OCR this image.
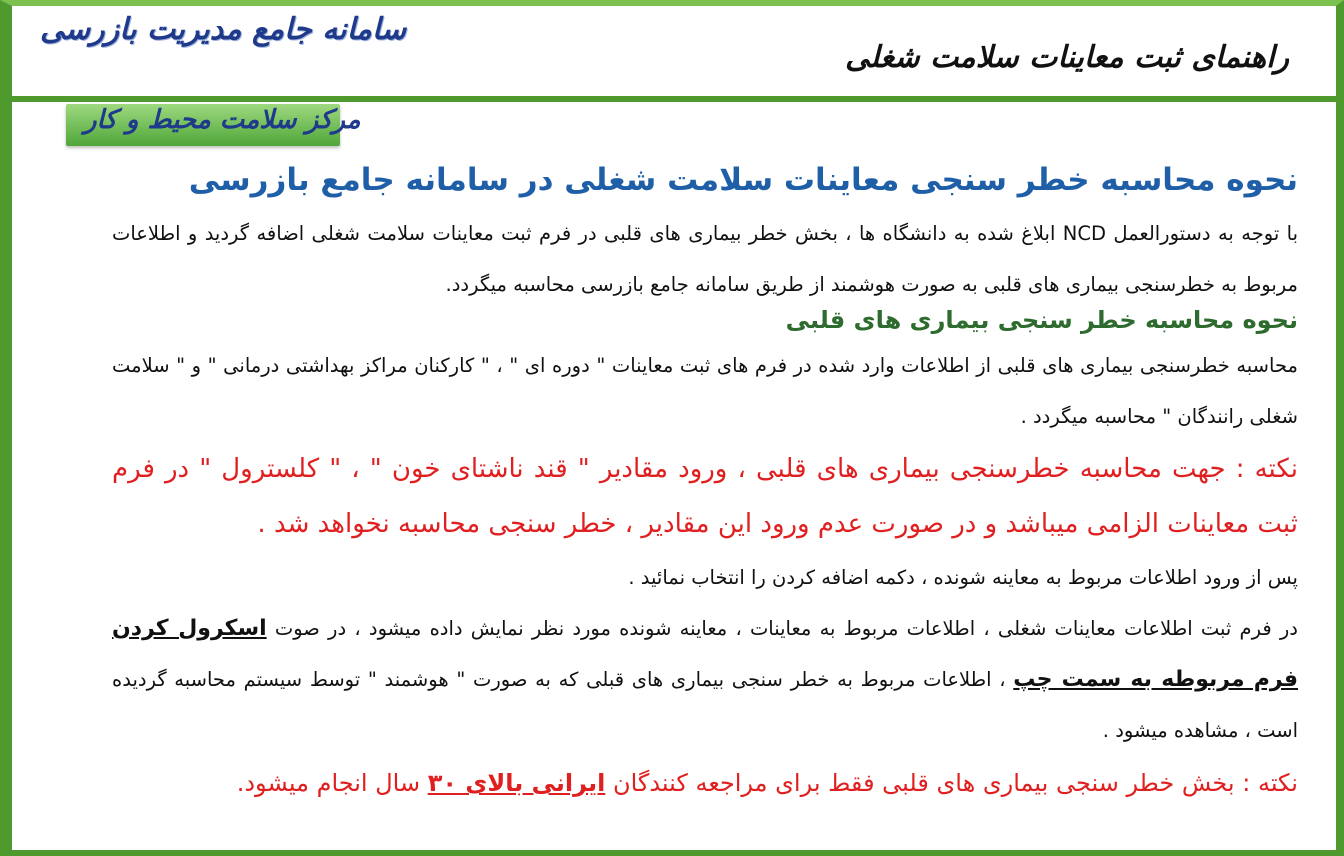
سامانه جامع مدیریت بازرسی
مرکز سلامت محیط و کار
راهنمای ثبت معاینات سلامت شغلی
نحوه محاسبه خطر سنجی معاینات سلامت شغلی در سامانه جامع بازرسی

با توجه به دستورالعمل NCD ابلاغ شده به دانشگاه ها ، بخش خطر بیماری های قلبی در فرم ثبت معاینات سلامت شغلی اضافه گردید و اطلاعات مربوط به خطرسنجی بیماری های قلبی به صورت هوشمند از طریق سامانه جامع بازرسی محاسبه میگردد.

نحوه محاسبه خطر سنجی بیماری های قلبی

محاسبه خطرسنجی بیماری های قلبی از اطلاعات وارد شده در فرم های ثبت معاینات " دوره ای " ، " کارکنان مراکز بهداشتی درمانی " و " سلامت شغلی رانندگان " محاسبه میگردد .

نکته : جهت محاسبه خطرسنجی بیماری های قلبی ، ورود مقادیر " قند ناشتای خون " ، " کلسترول " در فرم ثبت معاینات الزامی میباشد و در صورت عدم ورود این مقادیر ، خطر سنجی محاسبه نخواهد شد .

پس از ورود اطلاعات مربوط به معاینه شونده ، دکمه اضافه کردن را انتخاب نمائید .

در فرم ثبت اطلاعات معاینات شغلی ، اطلاعات مربوط به معاینات ، معاینه شونده مورد نظر نمایش داده میشود ، در صوت اسکرول کردن فرم مربوطه به سمت چپ ، اطلاعات مربوط به خطر سنجی بیماری های قبلی که به صورت " هوشمند " توسط سیستم محاسبه گردیده است ، مشاهده میشود .

نکته : بخش خطر سنجی بیماری های قلبی فقط برای مراجعه کنندگان ایرانی بالای ۳۰ سال انجام میشود.
